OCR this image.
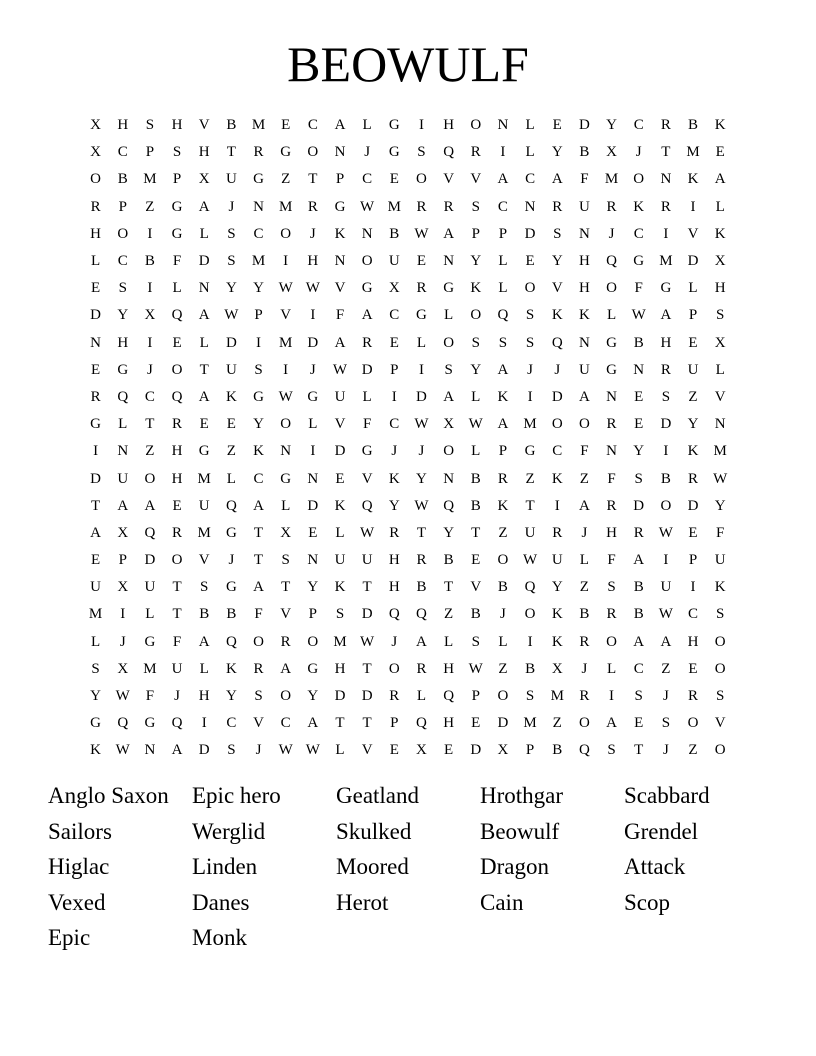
BEOWULF
X	H	S	H	V	B	M	E	C	A	L	G	I	H	O	N	L	E	D	Y	C	R	B	K
X	C	P	S	H	T	R	G	O	N	J	G	S	Q	R	I	L	Y	B	X	J	T	M	E
O	B	M	P	X	U	G	Z	T	P	C	E	O	V	V	A	C	A	F	M	O	N	K	A
R	P	Z	G	A	J	N	M	R	G W M	R	R	S	C	N	R	U	R	K	R	I	L
H	O	I	G	L	S	C	O	J	K	N	B	W A	P	P	D	S	N	J	C	I	V	K
L	C	B	F	D	S	M	I	H	N	O	U	E	N	Y	L	E	Y	H	Q	G	M	D	X
E	S	I	L	N	Y	Y W W V	G	X	R	G	K	L	O	V	H	O	F	G	L	H
D	Y	X	Q	A W	P	V	I	F	A	C	G	L	O	Q	S	K	K	L	W A	P	S
N	H	I	E	L	D	I	M	D	A	R	E	L	O	S	S	S	Q	N	G	B	H	E	X
E	G	J	O	T	U	S	I	J	W D	P	I	S	Y	A	J	J	U	G	N	R	U	L
R	Q	C	Q	A	K	G W G	U	L	I	D	A	L	K	I	D	A	N	E	S	Z	V
G	L	T	R	E	E	Y	O	L	V	F	C	W X W A	M	O	O	R	E	D	Y	N
I	N	Z	H	G	Z	K	N	I	D	G	J	J	O	L	P	G	C	F	N	Y	I	K	M
D	U	O	H	M	L	C	G	N	E	V	K	Y	N	B	R	Z	K	Z	F	S	B	R	W
T	A	A	E	U	Q	A	L	D	K	Q	Y W Q	B	K	T	I	A	R	D	O	D	Y
A	X	Q	R	M	G	T	X	E	L	W	R	T	Y	T	Z	U	R	J	H	R	W	E	F
E	P	D	O	V	J	T	S	N	U	U	H	R	B	E	O W U	L	F	A	I	P	U
U	X	U	T	S	G	A	T	Y	K	T	H	B	T	V	B	Q	Y	Z	S	B	U	I	K
M	I	L	T	B	B	F	V	P	S	D	Q	Q	Z	B	J	O	K	B	R	B	W	C	S
L	J	G	F	A	Q	O	R	O	M W	J	A	L	S	L	I	K	R	O	A	A	H	O
S	X	M	U	L	K	R	A	G	H	T	O	R	H W	Z	B	X	J	L	C	Z	E	O
Y W	F	J	H	Y	S	O	Y	D	D	R	L	Q	P	O	S	M	R	I	S	J	R	S
G	Q	G	Q	I	C	V	C	A	T	T	P	Q	H	E	D	M	Z	O	A	E	S	O	V
K W N	A	D	S	J	W W	L	V	E	X	E	D	X	P	B	Q	S	T	J	Z	O
Anglo Saxon	Epic hero	Geatland	Hrothgar	Scabbard
Sailors	Werglid	Skulked	Beowulf	Grendel
Higlac	Linden	Moored	Dragon	Attack
Vexed	Danes	Herot	Cain	Scop
Epic	Monk
